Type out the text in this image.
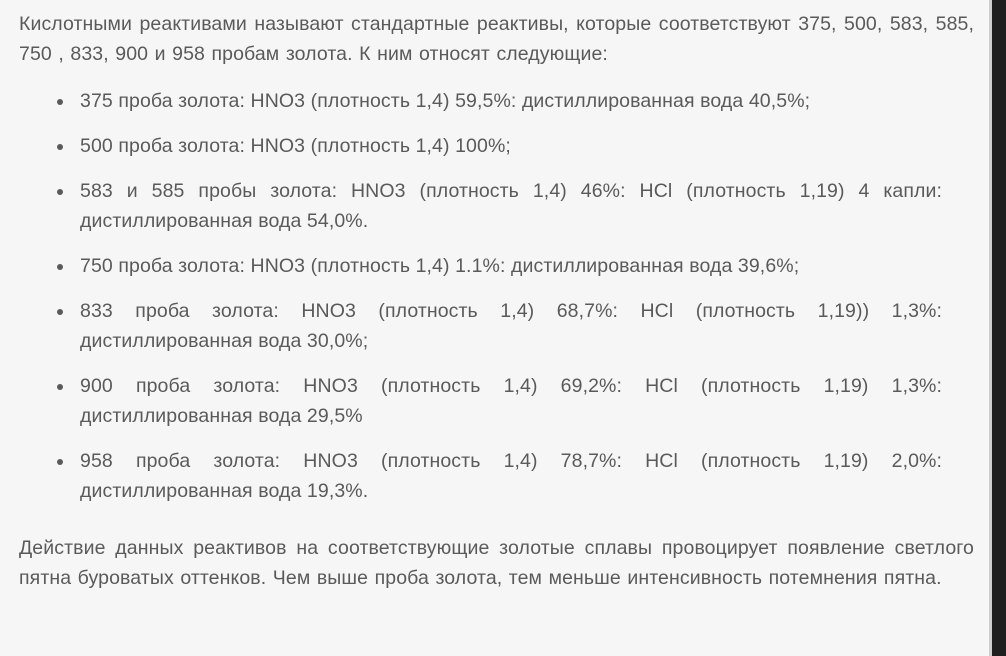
Кислотными реактивами называют стандартные реактивы, которые соответствуют 375, 500, 583, 585, 750 , 833, 900 и 958 пробам золота. К ним относят следующие:

375 проба золота: HNO3 (плотность 1,4) 59,5%: дистиллированная вода 40,5%;
500 проба золота: HNO3 (плотность 1,4) 100%;
583 и 585 пробы золота: HNO3 (плотность 1,4) 46%: HCl (плотность 1,19) 4 капли: дистиллированная вода 54,0%.
750 проба золота: HNO3 (плотность 1,4) 1.1%: дистиллированная вода 39,6%;
833 проба золота: HNO3 (плотность 1,4) 68,7%: HCl (плотность 1,19)) 1,3%: дистиллированная вода 30,0%;
900 проба золота: HNO3 (плотность 1,4) 69,2%: HCl (плотность 1,19) 1,3%: дистиллированная вода 29,5%
958 проба золота: HNO3 (плотность 1,4) 78,7%: HCl (плотность 1,19) 2,0%: дистиллированная вода 19,3%.

Действие данных реактивов на соответствующие золотые сплавы провоцирует появление светлого пятна буроватых оттенков. Чем выше проба золота, тем меньше интенсивность потемнения пятна.
